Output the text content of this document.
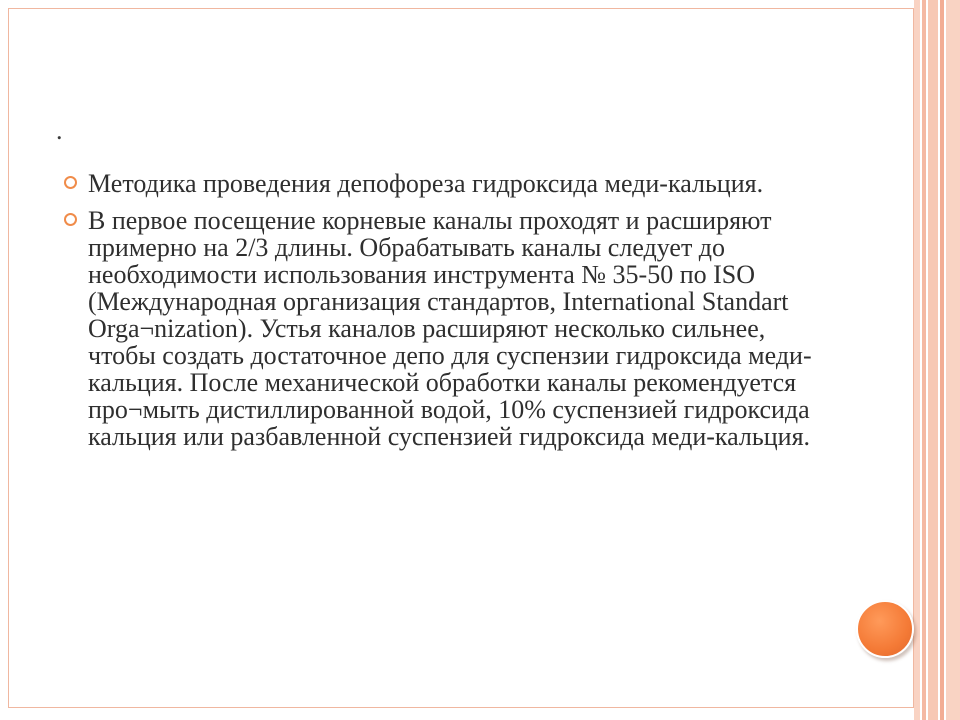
.
Методика проведения депофореза гидроксида меди-кальция.
В первое посещение корневые каналы проходят и расширяют примерно на 2/3 длины. Обрабатывать каналы следует до необходимости использования инструмента № 35-50 по ISO (Международная организация стандартов, International Standart Orga¬nization). Устья каналов расширяют несколько сильнее, чтобы создать достаточное депо для суспензии гидроксида меди-кальция. После механической обработки каналы рекомендуется про¬мыть дистиллированной водой, 10% суспензией гидроксида кальция или разбавленной суспензией гидроксида меди-кальция.
